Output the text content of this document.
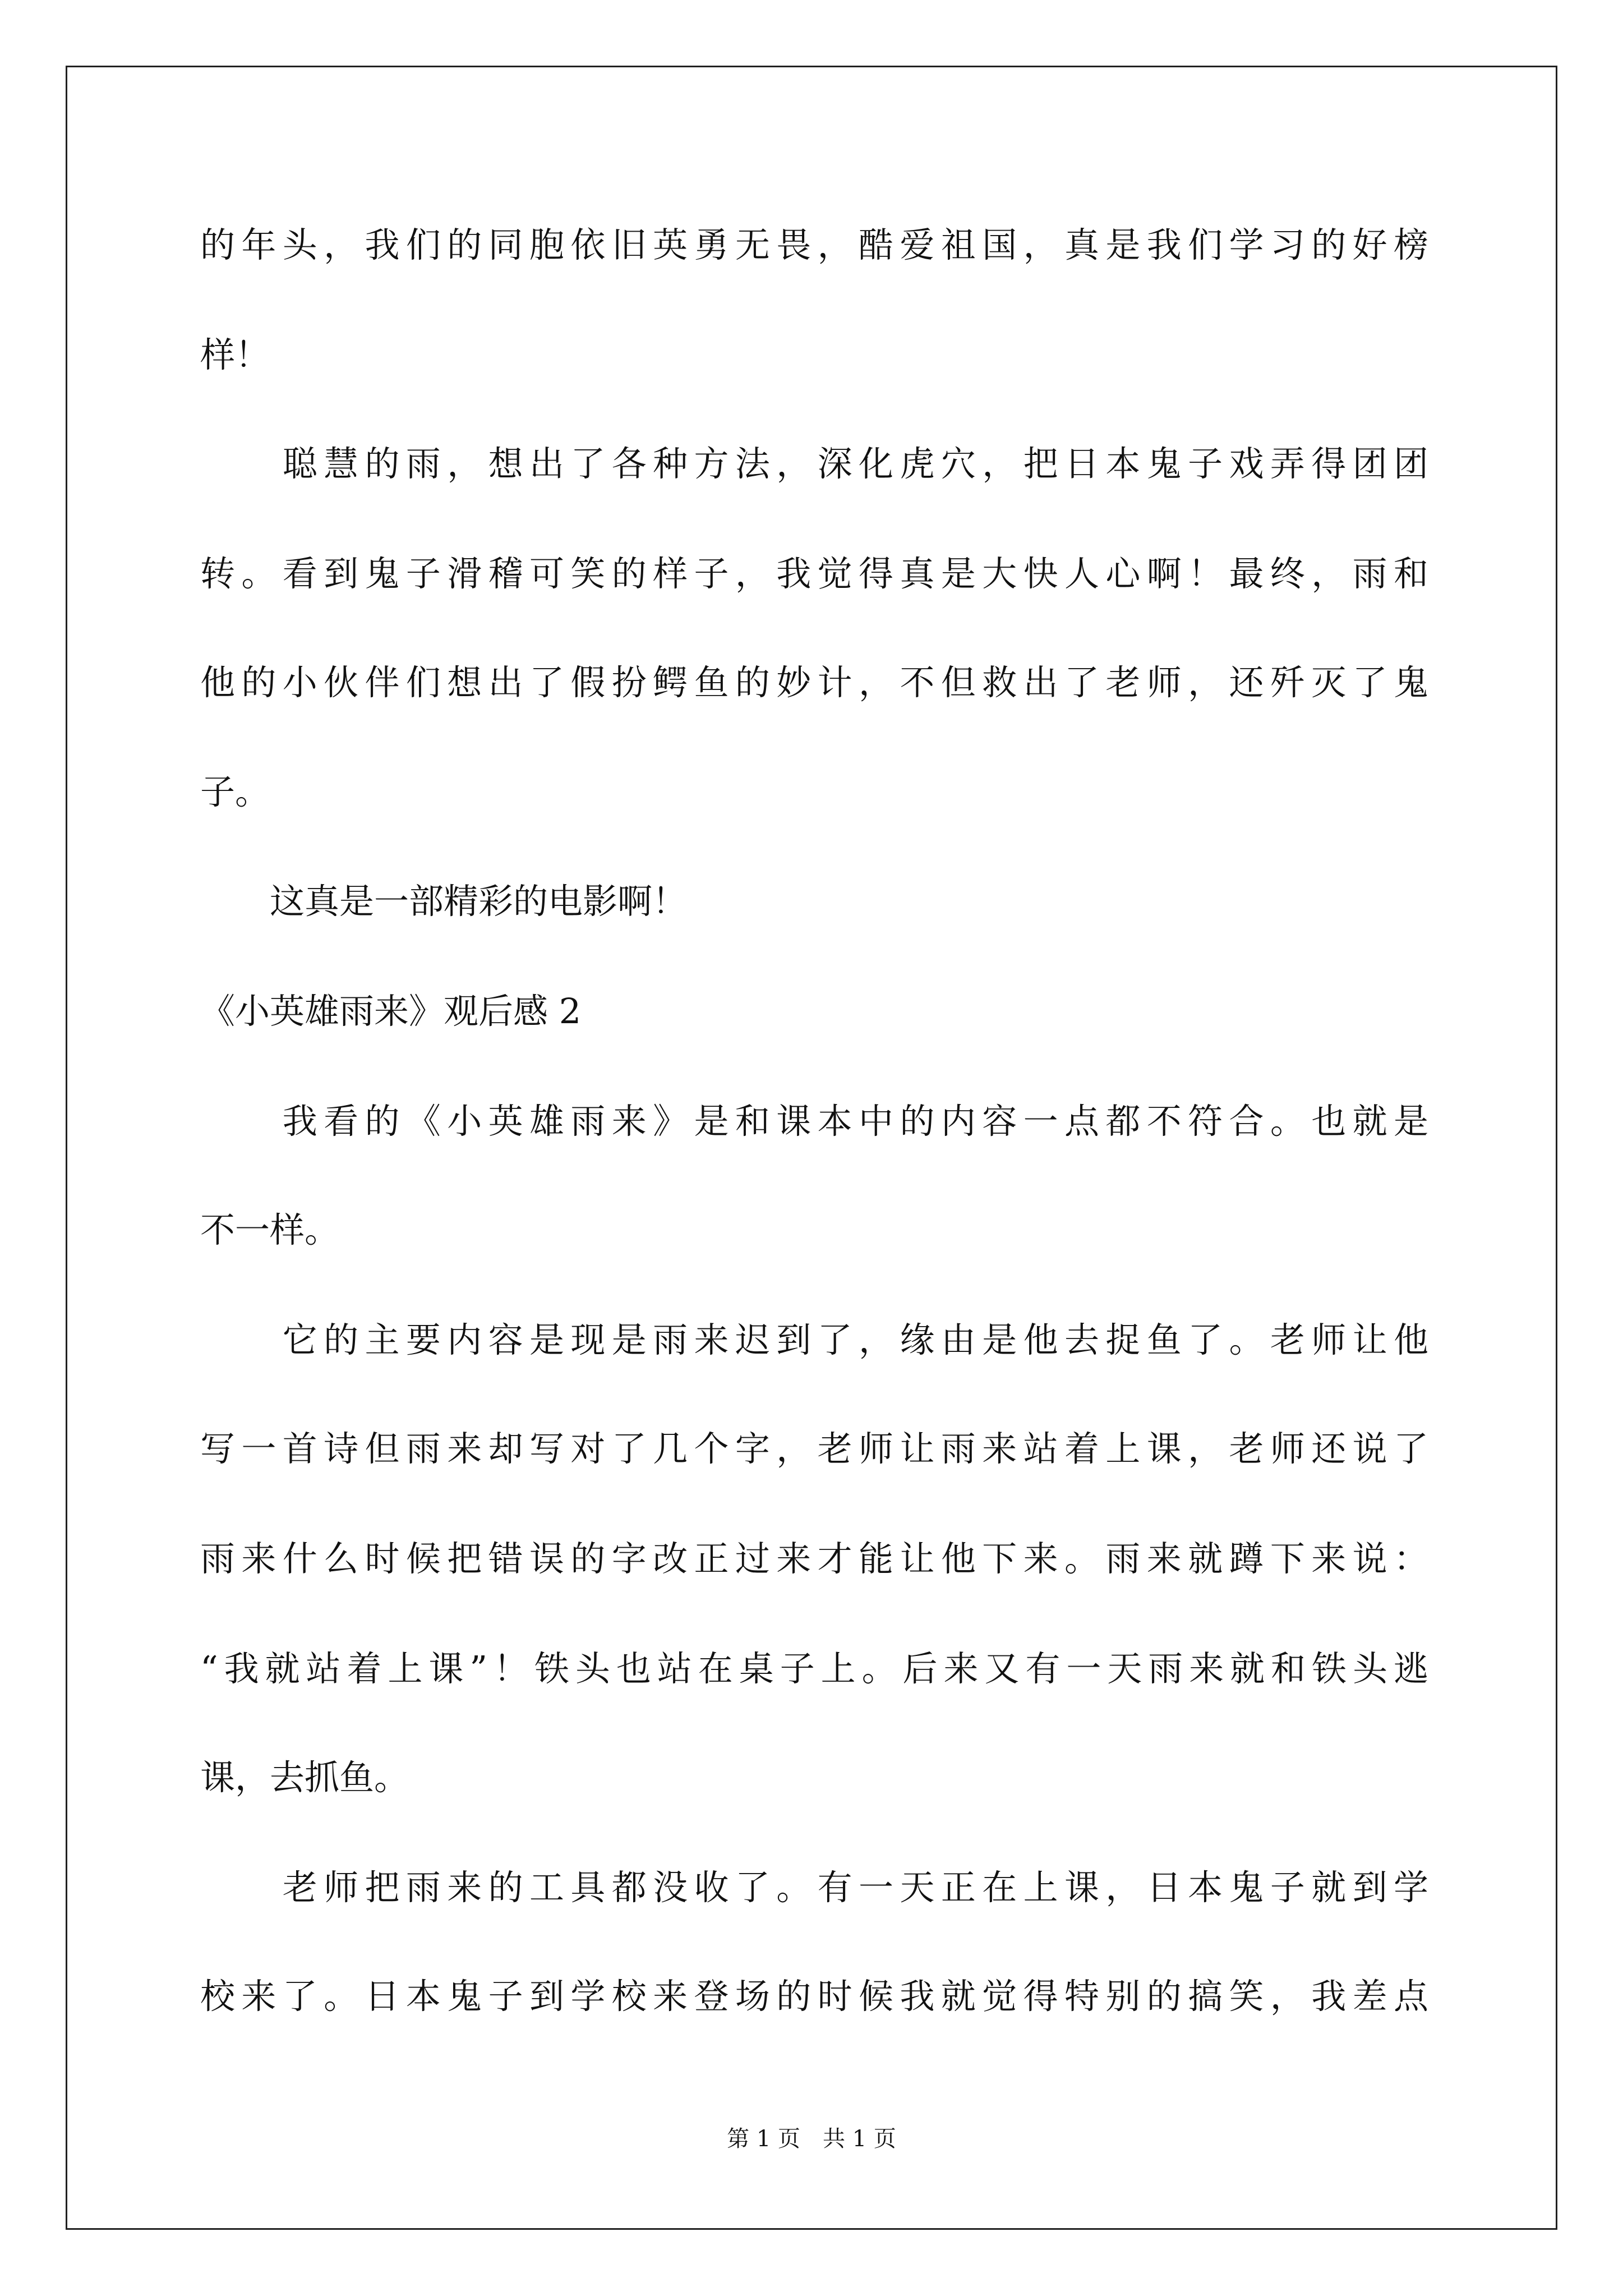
的年头，我们的同胞依旧英勇无畏，酷爱祖国，真是我们学习的好榜
样！
　　聪慧的雨，想出了各种方法，深化虎穴，把日本鬼子戏弄得团团
转。看到鬼子滑稽可笑的样子，我觉得真是大快人心啊！最终，雨和
他的小伙伴们想出了假扮鳄鱼的妙计，不但救出了老师，还歼灭了鬼
子。
　　这真是一部精彩的电影啊！
《小英雄雨来》观后感 2
　　我看的《小英雄雨来》是和课本中的内容一点都不符合。也就是
不一样。
　　它的主要内容是现是雨来迟到了，缘由是他去捉鱼了。老师让他
写一首诗但雨来却写对了几个字，老师让雨来站着上课，老师还说了
雨来什么时候把错误的字改正过来才能让他下来。雨来就蹲下来说：
“我就站着上课”！铁头也站在桌子上。后来又有一天雨来就和铁头逃
课，去抓鱼。
　　老师把雨来的工具都没收了。有一天正在上课，日本鬼子就到学
校来了。日本鬼子到学校来登场的时候我就觉得特别的搞笑，我差点
第 1 页　共 1 页
